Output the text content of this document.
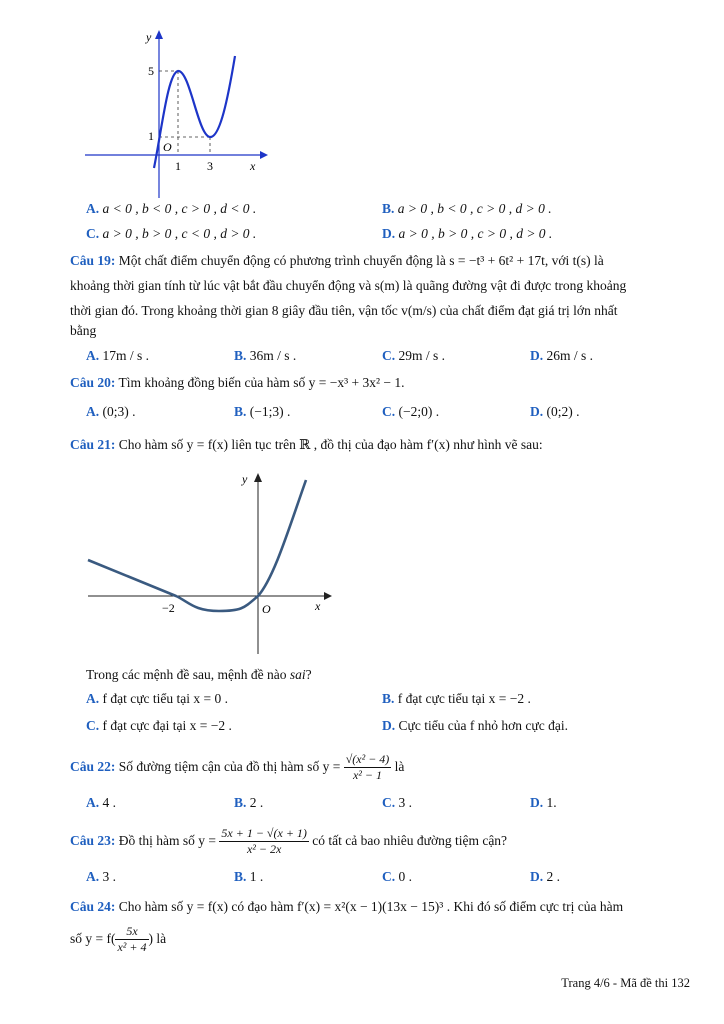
y
x
O
1 3
1
5
A. a < 0 , b < 0 , c > 0 , d < 0 .	B. a > 0 , b < 0 , c > 0 , d > 0 .
C. a > 0 , b > 0 , c < 0 , d > 0 .	D. a > 0 , b > 0 , c > 0 , d > 0 .
Câu 19: Một chất điểm chuyển động có phương trình chuyển động là s = −t³ + 6t² + 17t, với t(s) là
khoảng thời gian tính từ lúc vật bắt đầu chuyển động và s(m) là quãng đường vật đi được trong khoảng
thời gian đó. Trong khoảng thời gian 8 giây đầu tiên, vận tốc v(m/s) của chất điểm đạt giá trị lớn nhất
bằng
A. 17m / s .	B. 36m / s .	C. 29m / s .	D. 26m / s .
Câu 20: Tìm khoảng đồng biến của hàm số y = −x³ + 3x² − 1.
A. (0;3) .	B. (−1;3) .	C. (−2;0) .	D. (0;2) .
Câu 21: Cho hàm số y = f(x) liên tục trên ℝ , đồ thị của đạo hàm f′(x) như hình vẽ sau:
y
x
O
−2
Trong các mệnh đề sau, mệnh đề nào sai?
A. f đạt cực tiểu tại x = 0 .	B. f đạt cực tiểu tại x = −2 .
C. f đạt cực đại tại x = −2 .	D. Cực tiểu của f nhỏ hơn cực đại.
Câu 22:
Số đường tiệm cận của đồ thị hàm số y =
$\frac{\text{√(x² − 4)}}{\text{x² − 1}}$
là
A. 4 .	B. 2 .	C. 3 .	D. 1.
Câu 23:
Đồ thị hàm số y =
$\frac{5x + 1 - √(x + 1)}{\text{x² − 2x}}$
có tất cả bao nhiêu đường tiệm cận?
A. 3 .	B. 1 .	C. 0 .	D. 2 .
Câu 24: Cho hàm số y = f(x) có đạo hàm f′(x) = x²(x − 1)(13x − 15)³ . Khi đó số điểm cực trị của hàm
số $y = f( \frac{5x}{\text{x² + 4}}$ ) là
Trang 4/6 - Mã đề thi 132
